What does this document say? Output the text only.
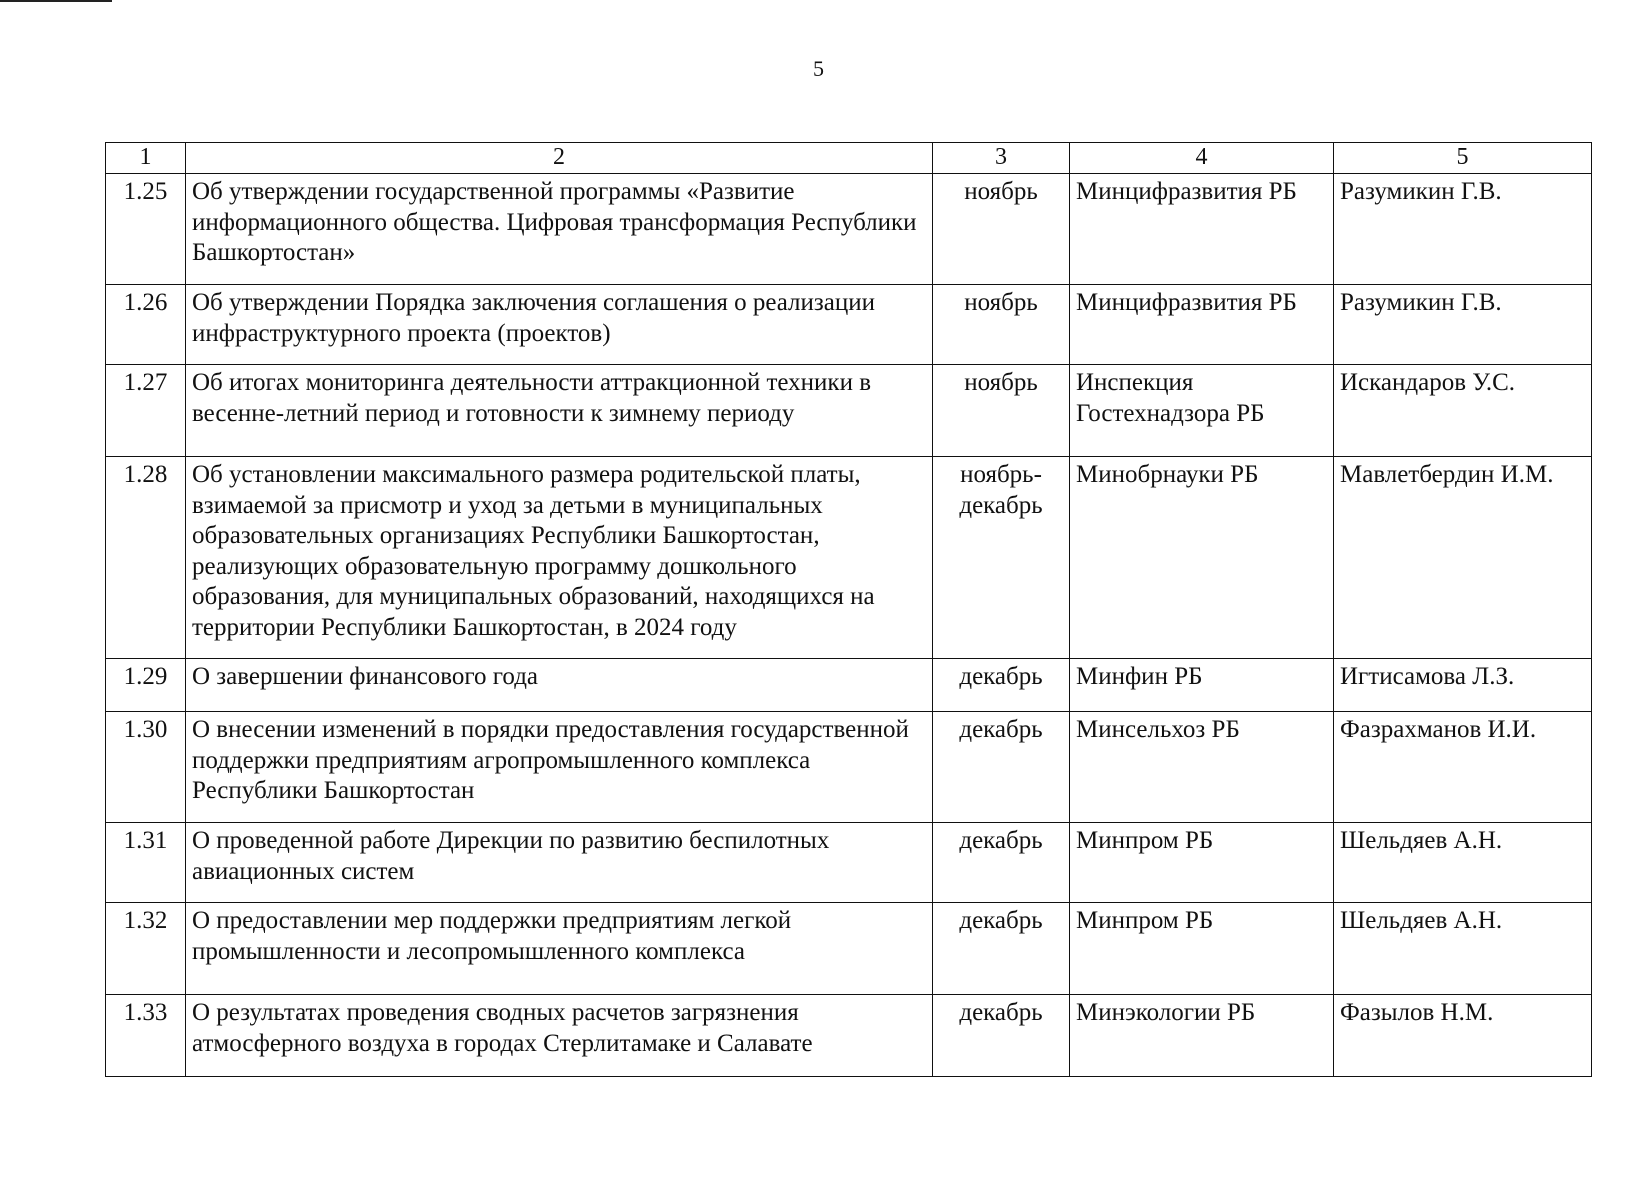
5
1	2	3	4	5
1.25	Об утверждении государственной программы «Развитие информационного общества. Цифровая трансформация Республики Башкортостан»	ноябрь	Минцифразвития РБ	Разумикин Г.В.
1.26	Об утверждении Порядка заключения соглашения о реализации инфраструктурного проекта (проектов)	ноябрь	Минцифразвития РБ	Разумикин Г.В.
1.27	Об итогах мониторинга деятельности аттракционной техники в весенне-летний период и готовности к зимнему периоду	ноябрь	Инспекция Гостехнадзора РБ	Искандаров У.С.
1.28	Об установлении максимального размера родительской платы, взимаемой за присмотр и уход за детьми в муниципальных образовательных организациях Республики Башкортостан, реализующих образовательную программу дошкольного образования, для муниципальных образований, находящихся на территории Республики Башкортостан, в 2024 году	ноябрь-декабрь	Минобрнауки РБ	Мавлетбердин И.М.
1.29	О завершении финансового года	декабрь	Минфин РБ	Игтисамова Л.З.
1.30	О внесении изменений в порядки предоставления государственной поддержки предприятиям агропромышленного комплекса Республики Башкортостан	декабрь	Минсельхоз РБ	Фазрахманов И.И.
1.31	О проведенной работе Дирекции по развитию беспилотных авиационных систем	декабрь	Минпром РБ	Шельдяев А.Н.
1.32	О предоставлении мер поддержки предприятиям легкой промышленности и лесопромышленного комплекса	декабрь	Минпром РБ	Шельдяев А.Н.
1.33	О результатах проведения сводных расчетов загрязнения атмосферного воздуха в городах Стерлитамаке и Салавате	декабрь	Минэкологии РБ	Фазылов Н.М.
